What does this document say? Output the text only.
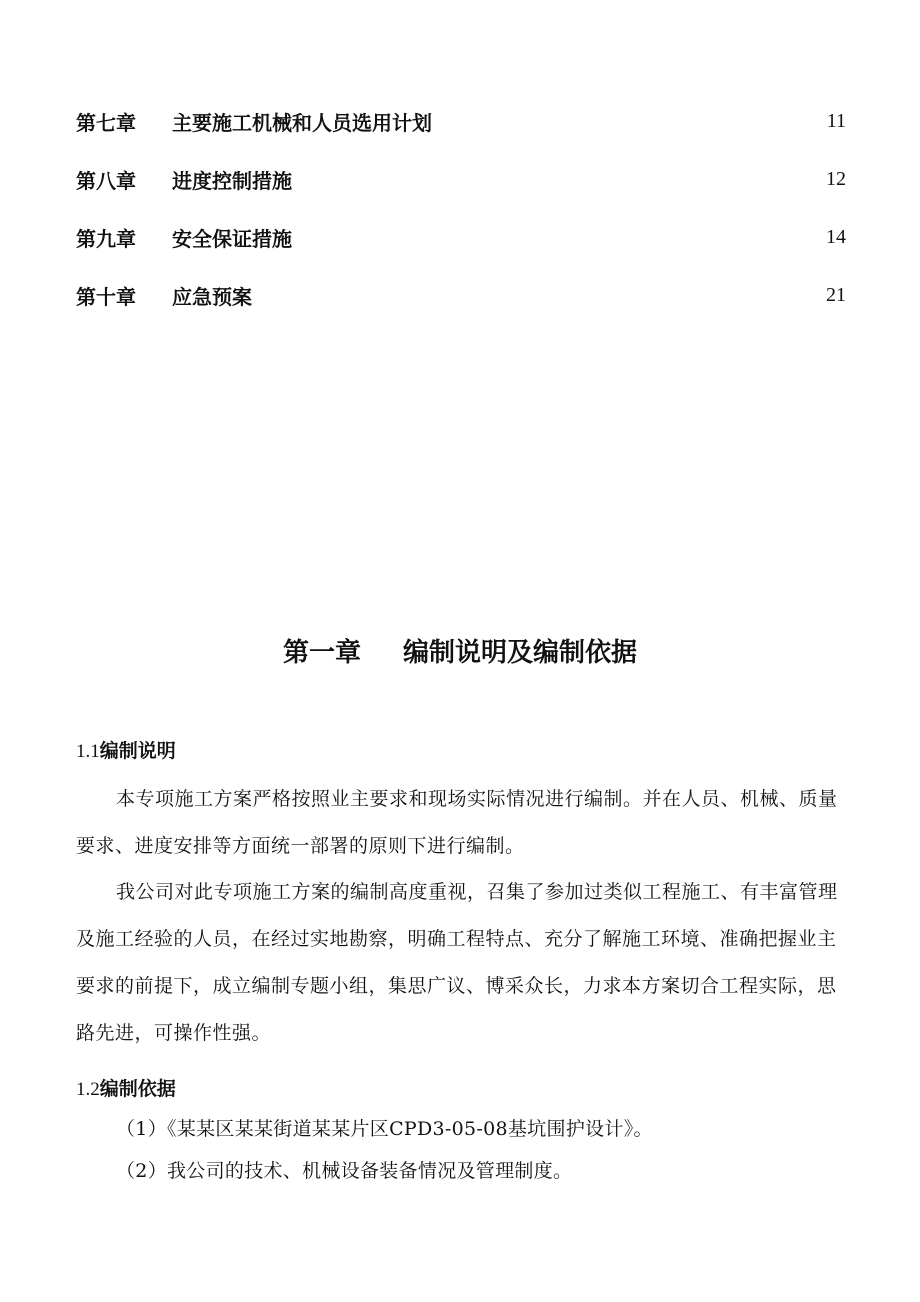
第七章	主要施工机械和人员选用计划	11
第八章	进度控制措施	12
第九章	安全保证措施	14
第十章	应急预案	21
第一章 编制说明及编制依据
1.1编制说明
本专项施工方案严格按照业主要求和现场实际情况进行编制。并在人员、机械、质量要求、进度安排等方面统一部署的原则下进行编制。
我公司对此专项施工方案的编制高度重视，召集了参加过类似工程施工、有丰富管理及施工经验的人员，在经过实地勘察，明确工程特点、充分了解施工环境、准确把握业主要求的前提下，成立编制专题小组，集思广议、博采众长，力求本方案切合工程实际，思路先进，可操作性强。
1.2编制依据
（1）《某某区某某街道某某片区CPD3-05-08基坑围护设计》。
（2）我公司的技术、机械设备装备情况及管理制度。
